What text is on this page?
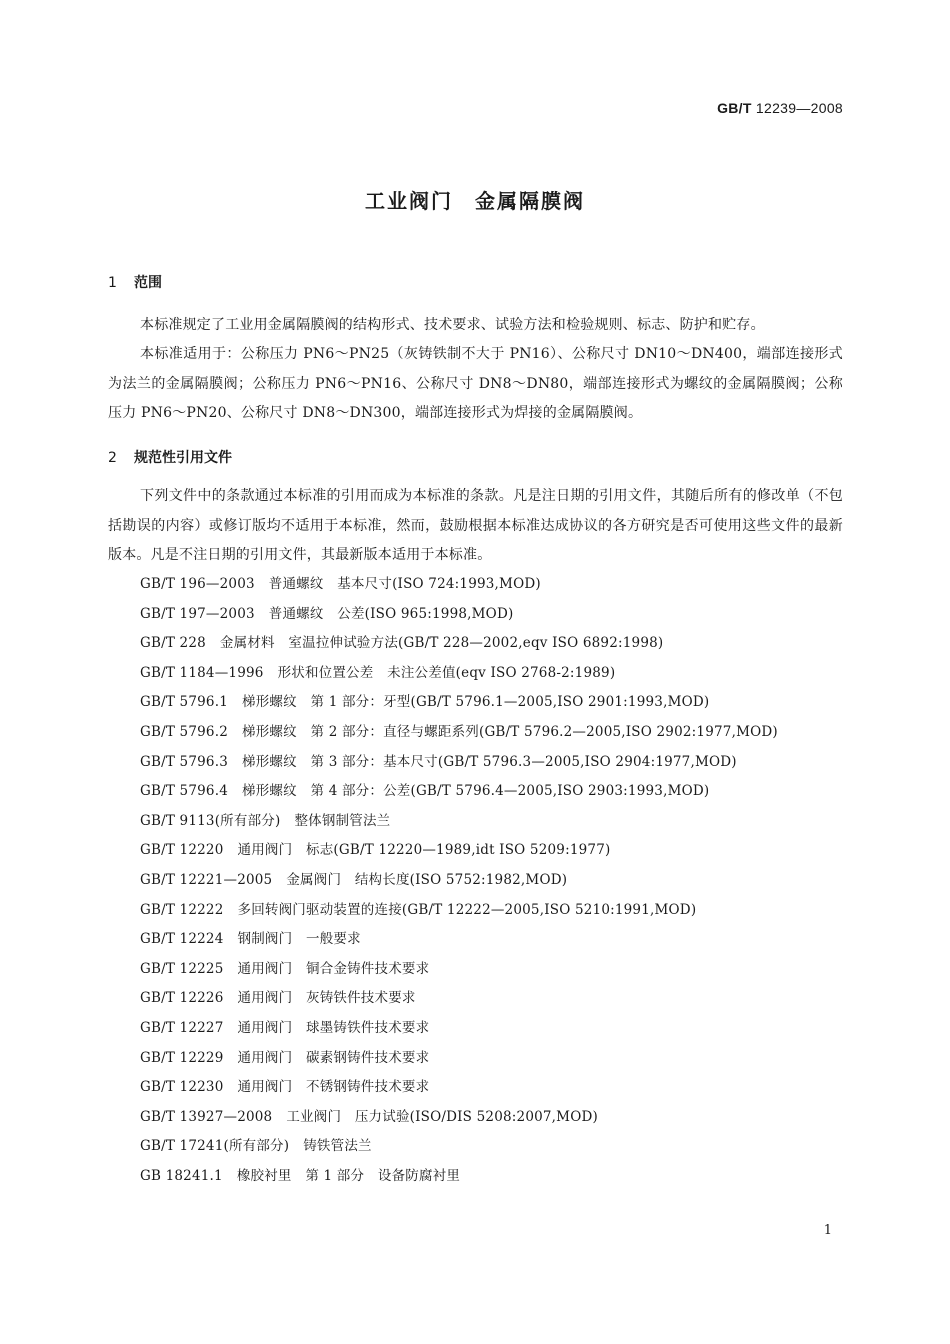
GB/T 12239—2008
工业阀门　金属隔膜阀
1 范围

本标准规定了工业用金属隔膜阀的结构形式、技术要求、试验方法和检验规则、标志、防护和贮存。

本标准适用于：公称压力 PN6～PN25（灰铸铁制不大于 PN16）、公称尺寸 DN10～DN400，端部连接形式为法兰的金属隔膜阀；公称压力 PN6～PN16、公称尺寸 DN8～DN80，端部连接形式为螺纹的金属隔膜阀；公称压力 PN6～PN20、公称尺寸 DN8～DN300，端部连接形式为焊接的金属隔膜阀。

2 规范性引用文件

下列文件中的条款通过本标准的引用而成为本标准的条款。凡是注日期的引用文件，其随后所有的修改单（不包括勘误的内容）或修订版均不适用于本标准，然而，鼓励根据本标准达成协议的各方研究是否可使用这些文件的最新版本。凡是不注日期的引用文件，其最新版本适用于本标准。

GB/T 196—2003 普通螺纹　基本尺寸(ISO 724:1993,MOD)
GB/T 197—2003 普通螺纹　公差(ISO 965:1998,MOD)
GB/T 228 金属材料　室温拉伸试验方法(GB/T 228—2002,eqv ISO 6892:1998)
GB/T 1184—1996 形状和位置公差　未注公差值(eqv ISO 2768-2:1989)
GB/T 5796.1 梯形螺纹　第 1 部分：牙型(GB/T 5796.1—2005,ISO 2901:1993,MOD)
GB/T 5796.2 梯形螺纹　第 2 部分：直径与螺距系列(GB/T 5796.2—2005,ISO 2902:1977,MOD)
GB/T 5796.3 梯形螺纹　第 3 部分：基本尺寸(GB/T 5796.3—2005,ISO 2904:1977,MOD)
GB/T 5796.4 梯形螺纹　第 4 部分：公差(GB/T 5796.4—2005,ISO 2903:1993,MOD)
GB/T 9113(所有部分) 整体钢制管法兰
GB/T 12220 通用阀门　标志(GB/T 12220—1989,idt ISO 5209:1977)
GB/T 12221—2005 金属阀门　结构长度(ISO 5752:1982,MOD)
GB/T 12222 多回转阀门驱动装置的连接(GB/T 12222—2005,ISO 5210:1991,MOD)
GB/T 12224 钢制阀门　一般要求
GB/T 12225 通用阀门　铜合金铸件技术要求
GB/T 12226 通用阀门　灰铸铁件技术要求
GB/T 12227 通用阀门　球墨铸铁件技术要求
GB/T 12229 通用阀门　碳素钢铸件技术要求
GB/T 12230 通用阀门　不锈钢铸件技术要求
GB/T 13927—2008 工业阀门　压力试验(ISO/DIS 5208:2007,MOD)
GB/T 17241(所有部分) 铸铁管法兰
GB 18241.1 橡胶衬里　第 1 部分　设备防腐衬里
1
